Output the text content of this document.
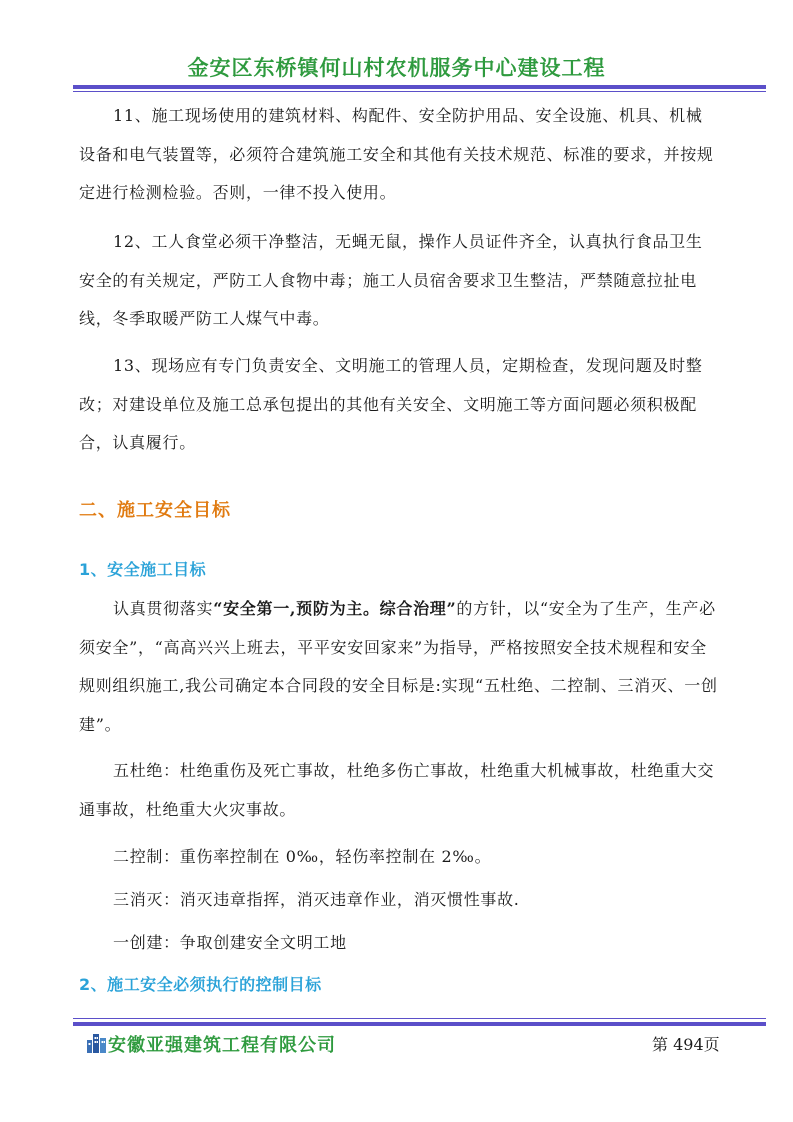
金安区东桥镇何山村农机服务中心建设工程

11、施工现场使用的建筑材料、构配件、安全防护用品、安全设施、机具、机械设备和电气装置等，必须符合建筑施工安全和其他有关技术规范、标准的要求，并按规定进行检测检验。否则，一律不投入使用。

12、工人食堂必须干净整洁，无蝇无鼠，操作人员证件齐全，认真执行食品卫生安全的有关规定，严防工人食物中毒；施工人员宿舍要求卫生整洁，严禁随意拉扯电线，冬季取暖严防工人煤气中毒。

13、现场应有专门负责安全、文明施工的管理人员，定期检查，发现问题及时整改；对建设单位及施工总承包提出的其他有关安全、文明施工等方面问题必须积极配合，认真履行。

二、施工安全目标
1、安全施工目标

认真贯彻落实“安全第一,预防为主。综合治理”的方针，以“安全为了生产，生产必须安全”，“高高兴兴上班去，平平安安回家来”为指导，严格按照安全技术规程和安全规则组织施工,我公司确定本合同段的安全目标是:实现“五杜绝、二控制、三消灭、一创建”。

五杜绝：杜绝重伤及死亡事故，杜绝多伤亡事故，杜绝重大机械事故，杜绝重大交通事故，杜绝重大火灾事故。

二控制：重伤率控制在 0‰，轻伤率控制在 2‰。

三消灭：消灭违章指挥，消灭违章作业，消灭惯性事故.

一创建：争取创建安全文明工地

2、施工安全必须执行的控制目标
安徽亚强建筑工程有限公司	第 494页
